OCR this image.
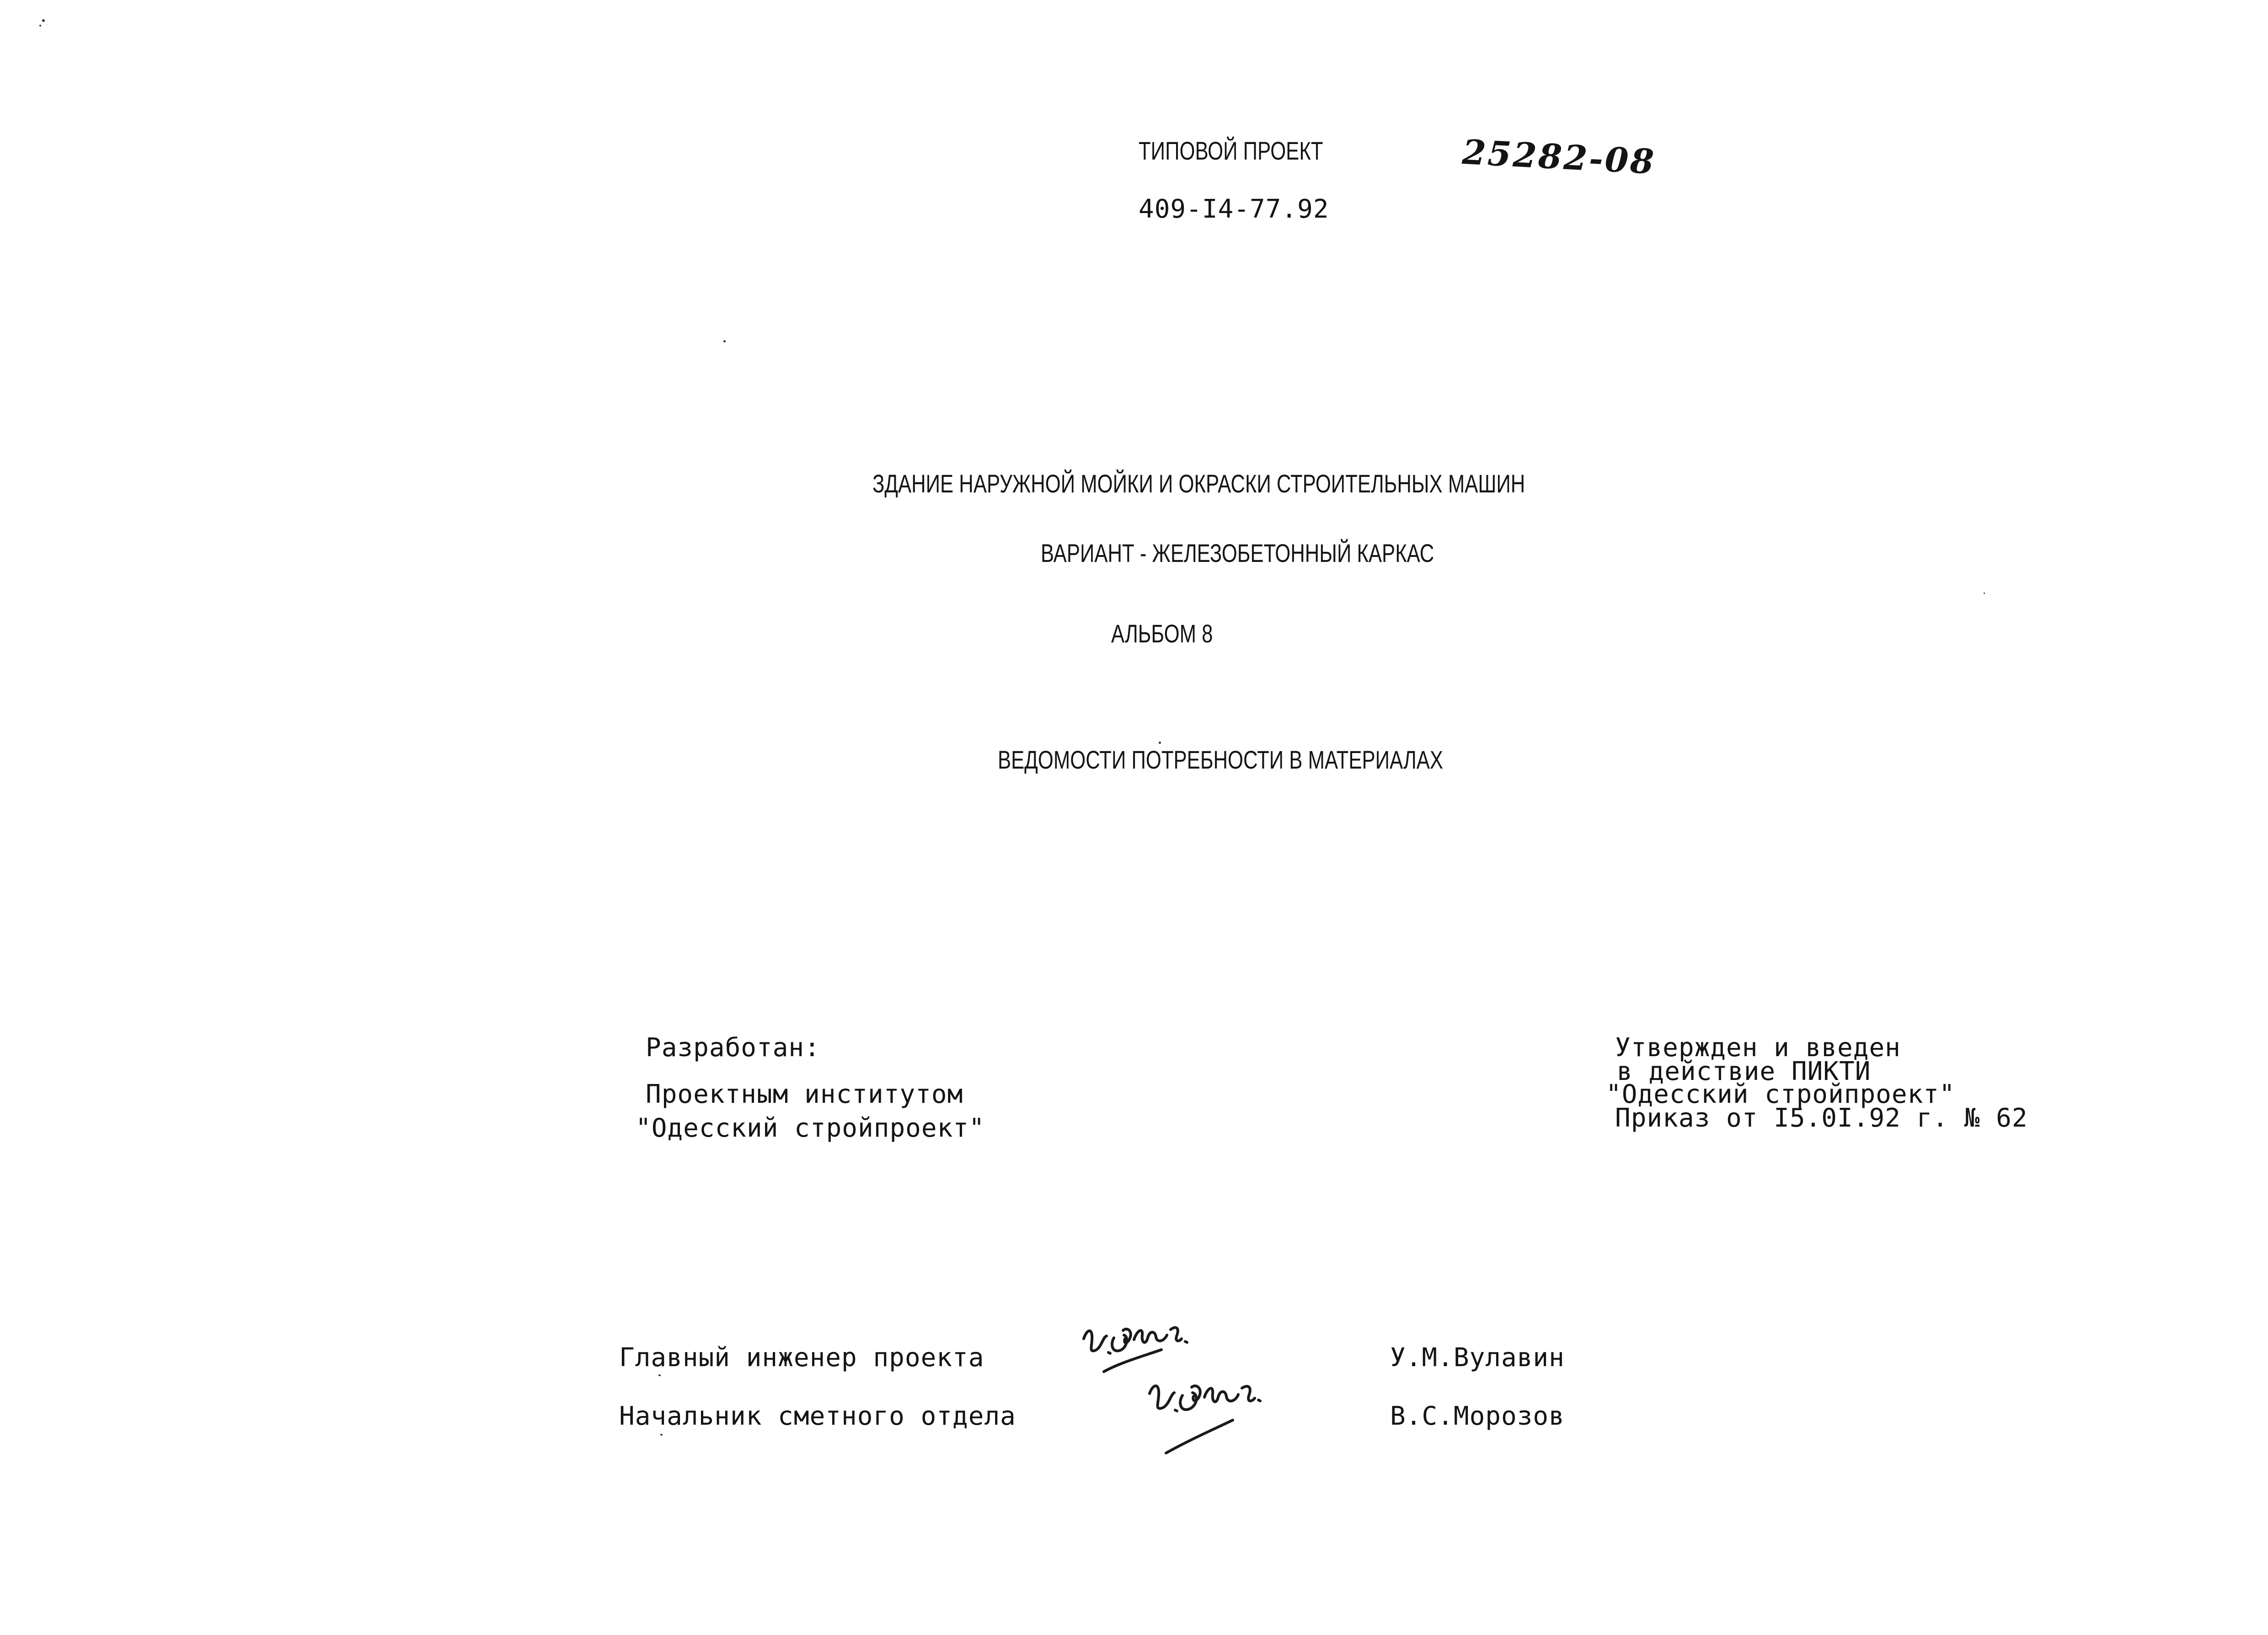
ТИПОВОЙ ПРОЕКТ	25282-08
409-I4-77.92
ЗДАНИЕ НАРУЖНОЙ МОЙКИ И ОКРАСКИ СТРОИТЕЛЬНЫХ МАШИН
ВАРИАНТ - ЖЕЛЕЗОБЕТОННЫЙ КАРКАС
АЛЬБОМ 8
ВЕДОМОСТИ ПОТРЕБНОСТИ В МАТЕРИАЛАХ
Разработан:
Проектным институтом
"Одесский стройпроект"
Утвержден и введен
в действие ПИКТИ
"Одесский стройпроект"
Приказ от I5.0I.92 г. № 62
Главный инженер проекта	У.М.Вулавин
Начальник сметного отдела	В.С.Морозов
